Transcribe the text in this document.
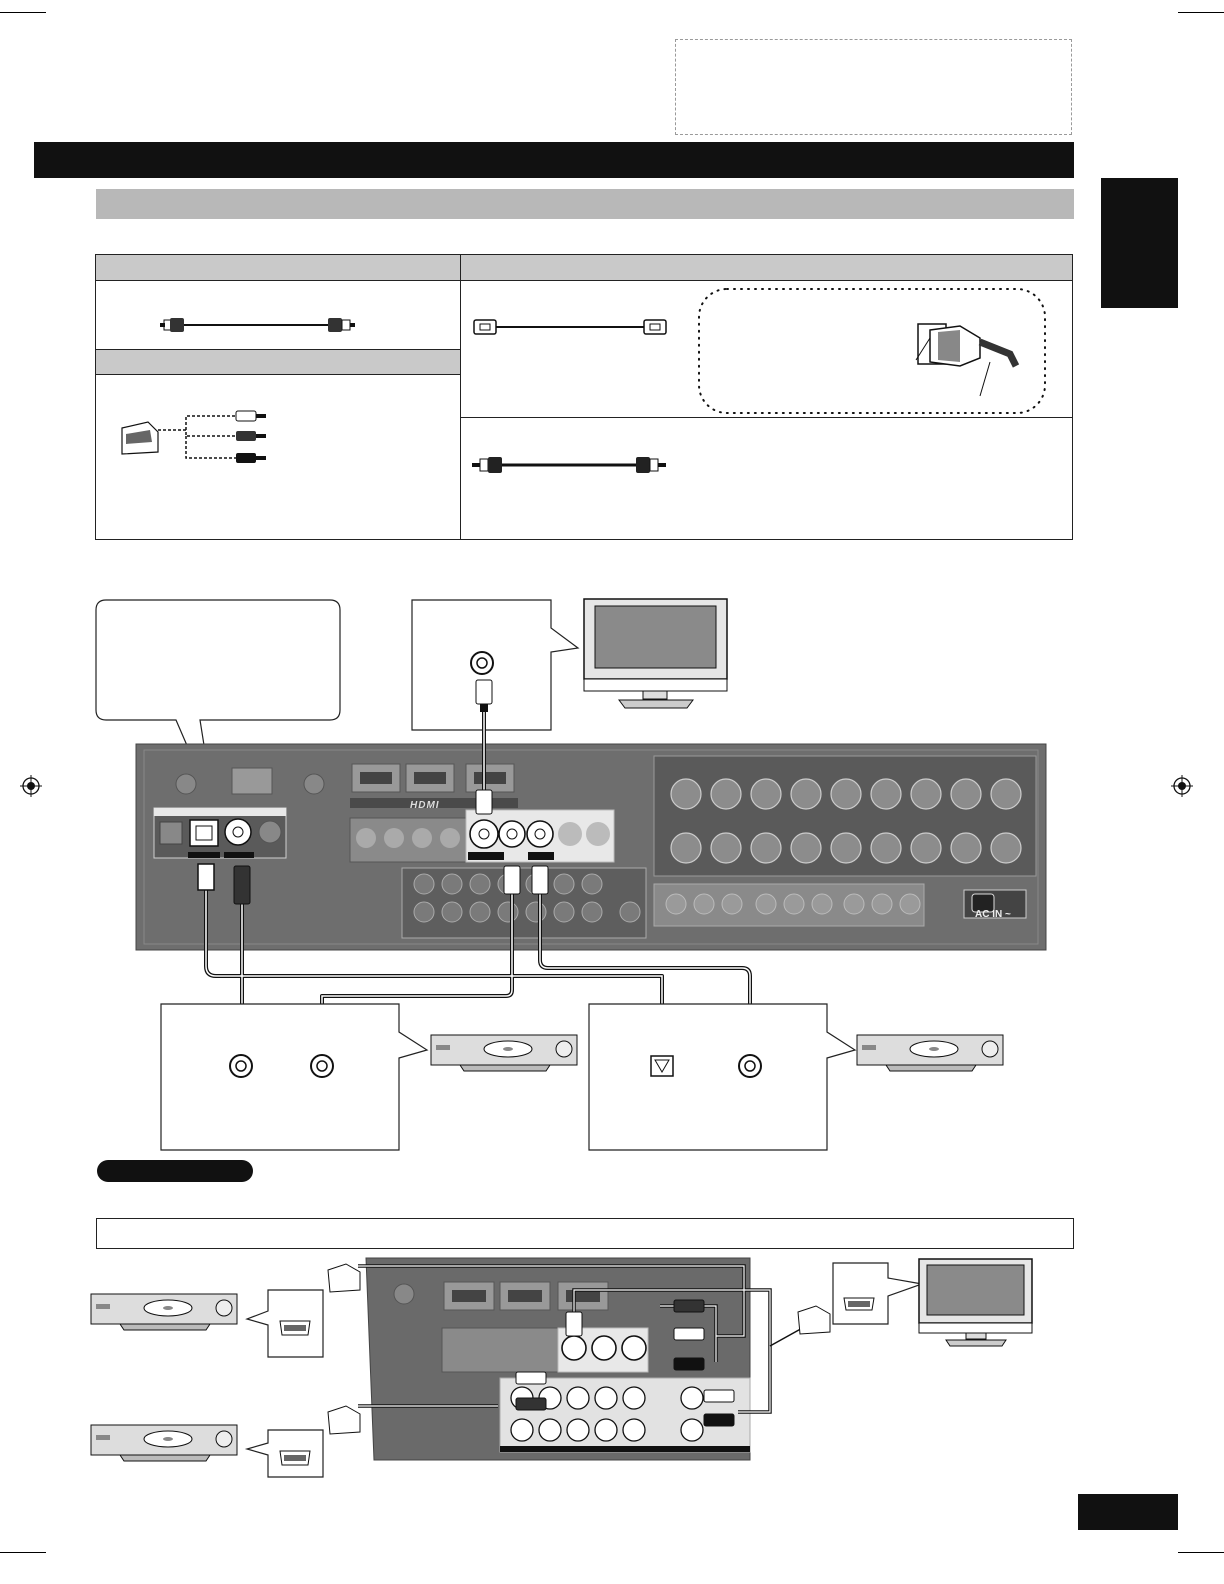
HDMI
AC IN ~
